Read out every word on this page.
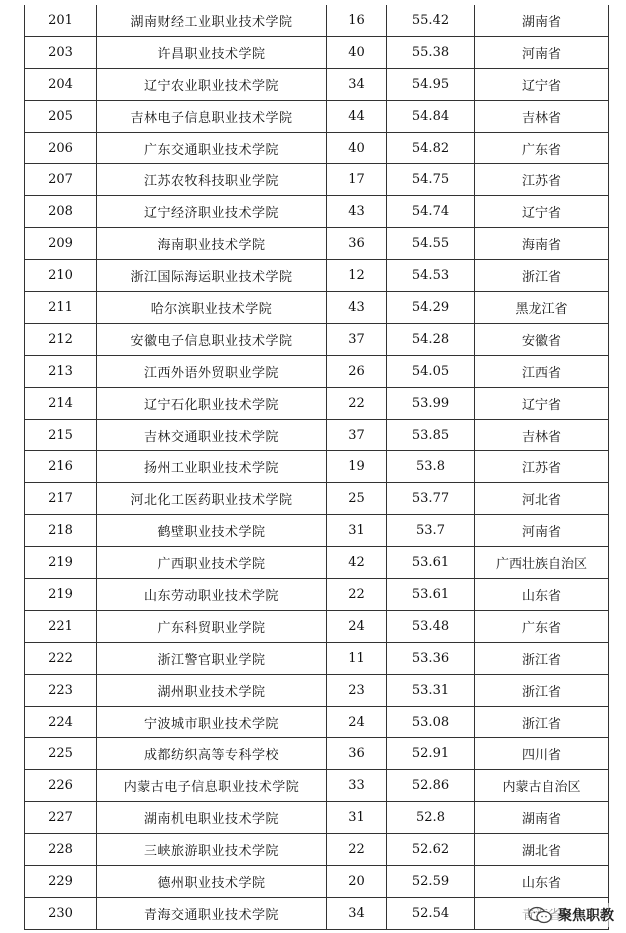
201	湖南财经工业职业技术学院	16	55.42	湖南省
203	许昌职业技术学院	40	55.38	河南省
204	辽宁农业职业技术学院	34	54.95	辽宁省
205	吉林电子信息职业技术学院	44	54.84	吉林省
206	广东交通职业技术学院	40	54.82	广东省
207	江苏农牧科技职业学院	17	54.75	江苏省
208	辽宁经济职业技术学院	43	54.74	辽宁省
209	海南职业技术学院	36	54.55	海南省
210	浙江国际海运职业技术学院	12	54.53	浙江省
211	哈尔滨职业技术学院	43	54.29	黑龙江省
212	安徽电子信息职业技术学院	37	54.28	安徽省
213	江西外语外贸职业学院	26	54.05	江西省
214	辽宁石化职业技术学院	22	53.99	辽宁省
215	吉林交通职业技术学院	37	53.85	吉林省
216	扬州工业职业技术学院	19	53.8	江苏省
217	河北化工医药职业技术学院	25	53.77	河北省
218	鹤壁职业技术学院	31	53.7	河南省
219	广西职业技术学院	42	53.61	广西壮族自治区
219	山东劳动职业技术学院	22	53.61	山东省
221	广东科贸职业学院	24	53.48	广东省
222	浙江警官职业学院	11	53.36	浙江省
223	湖州职业技术学院	23	53.31	浙江省
224	宁波城市职业技术学院	24	53.08	浙江省
225	成都纺织高等专科学校	36	52.91	四川省
226	内蒙古电子信息职业技术学院	33	52.86	内蒙古自治区
227	湖南机电职业技术学院	31	52.8	湖南省
228	三峡旅游职业技术学院	22	52.62	湖北省
229	德州职业技术学院	20	52.59	山东省
230	青海交通职业技术学院	34	52.54		聚焦职教
